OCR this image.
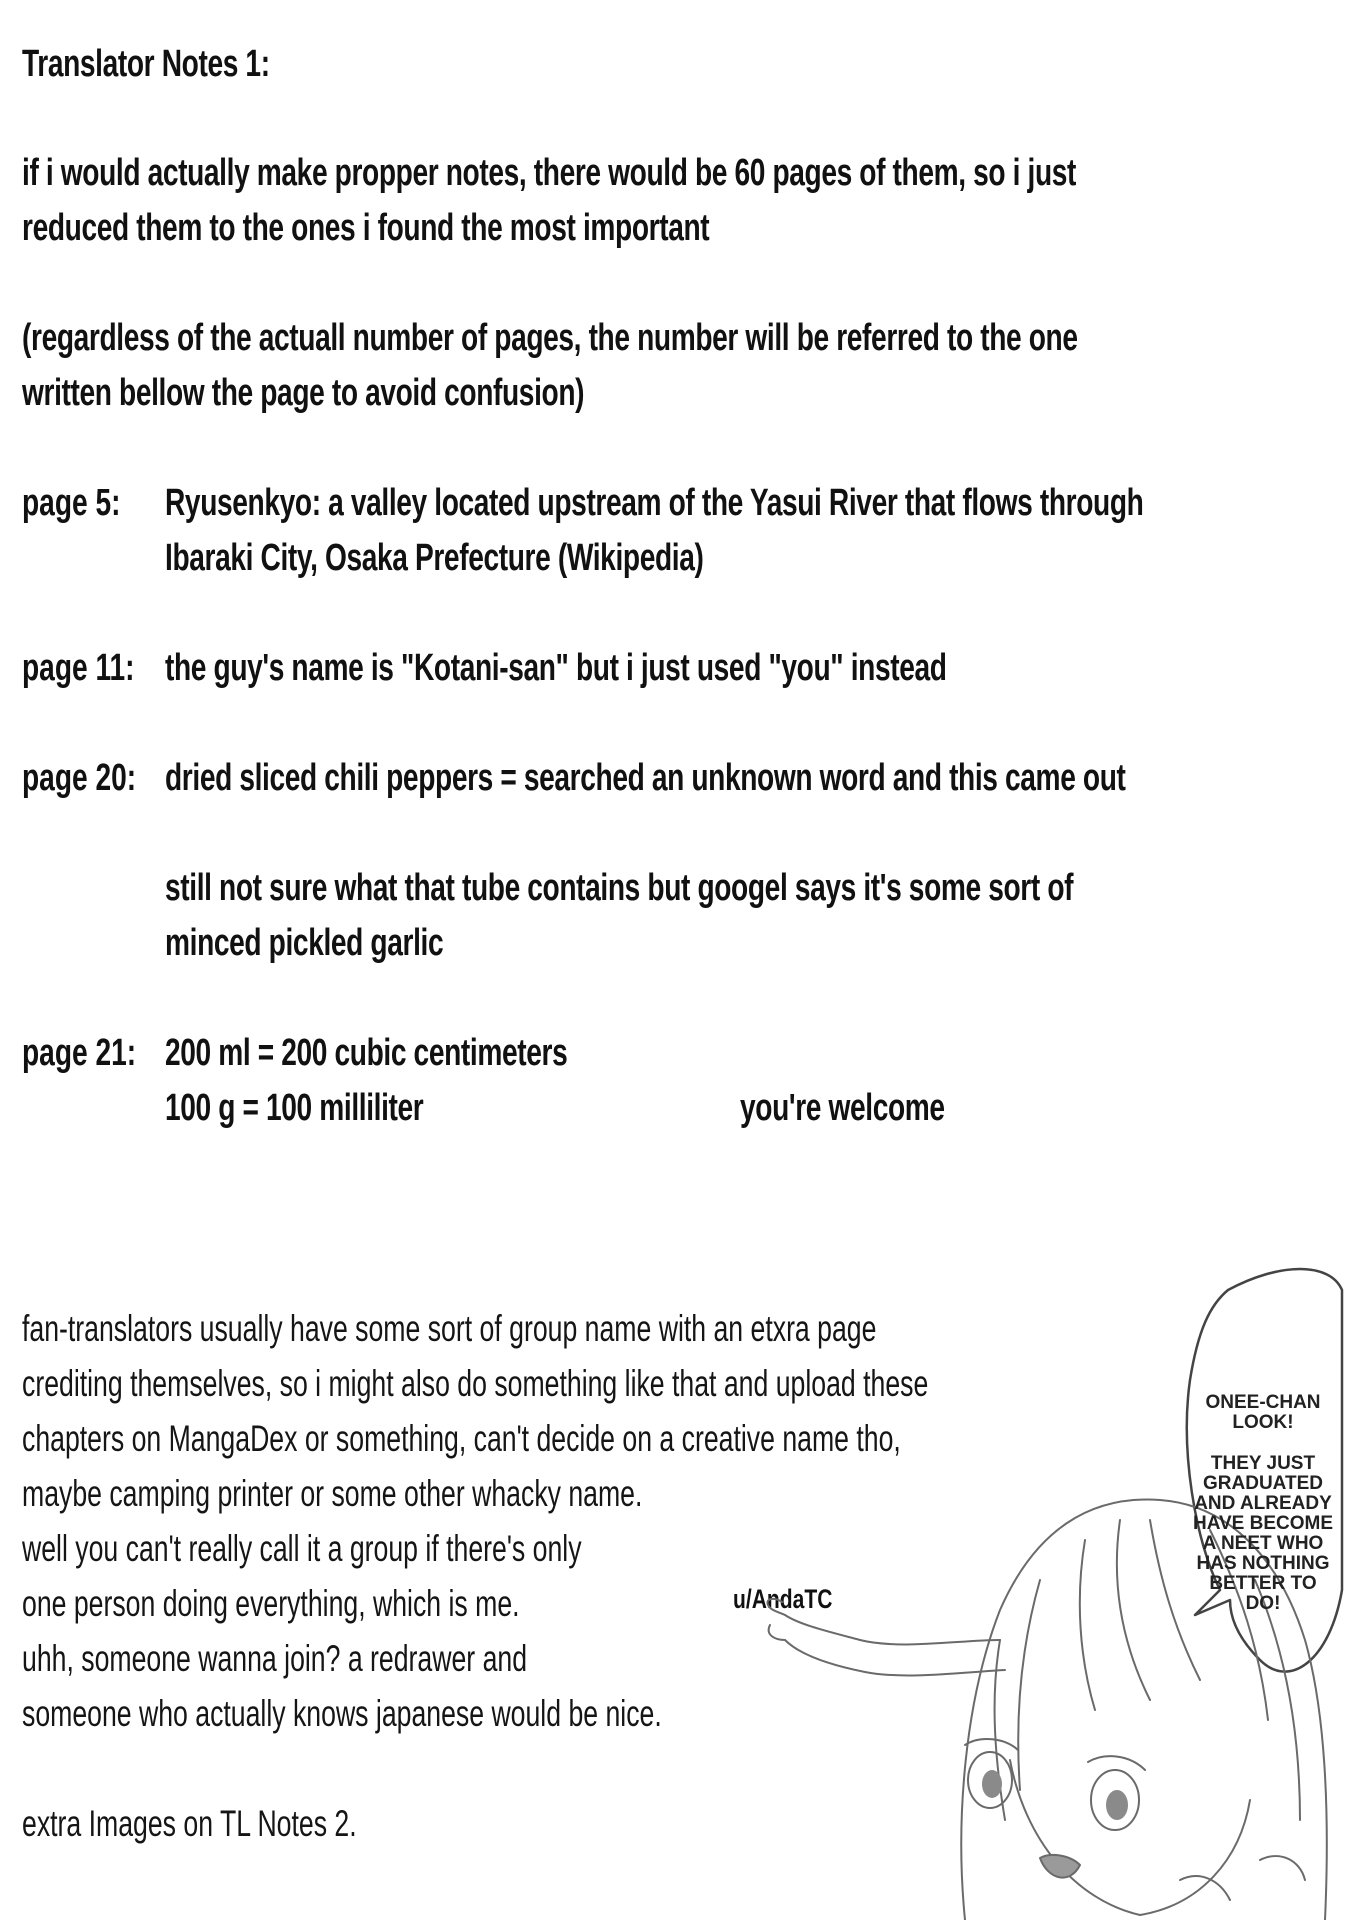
Translator Notes 1:
if i would actually make propper notes, there would be 60 pages of them, so i just
reduced them to the ones i found the most important
(regardless of the actuall number of pages, the number will be referred to the one
written bellow the page to avoid confusion)
page 5: Ryusenkyo: a valley located upstream of the Yasui River that flows through
Ibaraki City, Osaka Prefecture (Wikipedia)
page 11: the guy's name is "Kotani-san" but i just used "you" instead
page 20: dried sliced chili peppers = searched an unknown word and this came out
still not sure what that tube contains but googel says it's some sort of
minced pickled garlic
page 21: 200 ml = 200 cubic centimeters
100 g = 100 milliliter	you're welcome
fan-translators usually have some sort of group name with an etxra page
crediting themselves, so i might also do something like that and upload these
chapters on MangaDex or something, can't decide on a creative name tho,
maybe camping printer or some other whacky name.
well you can't really call it a group if there's only
one person doing everything, which is me.
uhh, someone wanna join? a redrawer and
someone who actually knows japanese would be nice.
u/AndaTC
extra Images on TL Notes 2.
ONEE-CHAN
LOOK!
THEY JUST
GRADUATED
AND ALREADY
HAVE BECOME
A NEET WHO
HAS NOTHING
BETTER TO
DO!
